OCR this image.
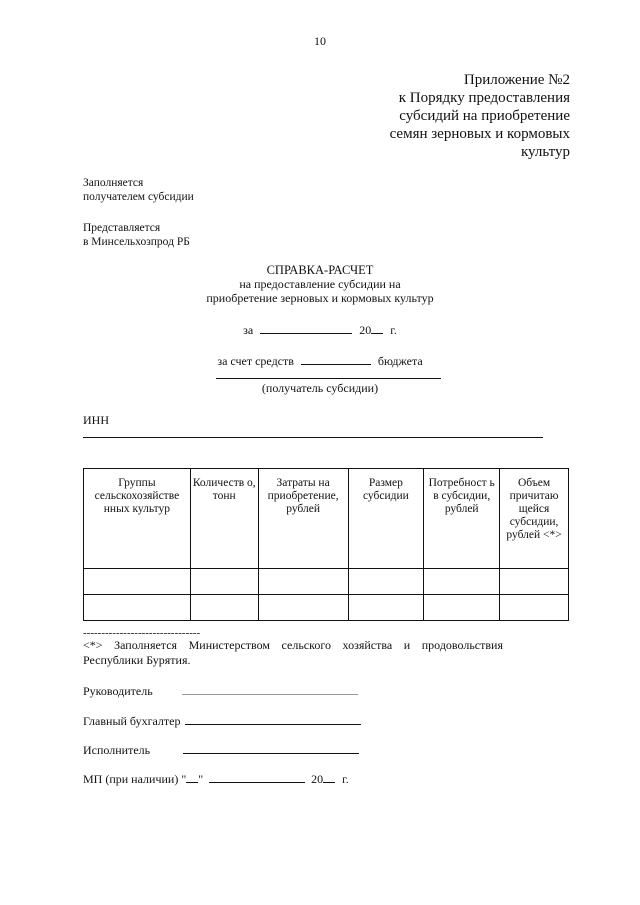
10
Приложение №2
к Порядку предоставления
субсидий на приобретение
семян зерновых и кормовых
культур
Заполняется
получателем субсидии
Представляется
в Минсельхозпрод РБ
СПРАВКА-РАСЧЕТ
на предоставление субсидии на
приобретение зерновых и кормовых культур
за	20 г.
за счет средств	бюджета
(получатель субсидии)
ИНН
Группы сельскохозяйстве нных культур	Количеств о, тонн	Затраты на приобретение, рублей	Размер субсидии	Потребност ь в субсидии, рублей	Объем причитаю щейся субсидии, рублей <*>

--------------------------------
<*> Заполняется Министерством сельского хозяйства и продовольствия Республики Бурятия.
Руководитель
Главный бухгалтер
Исполнитель
МП (при наличии) " "	20 г.
